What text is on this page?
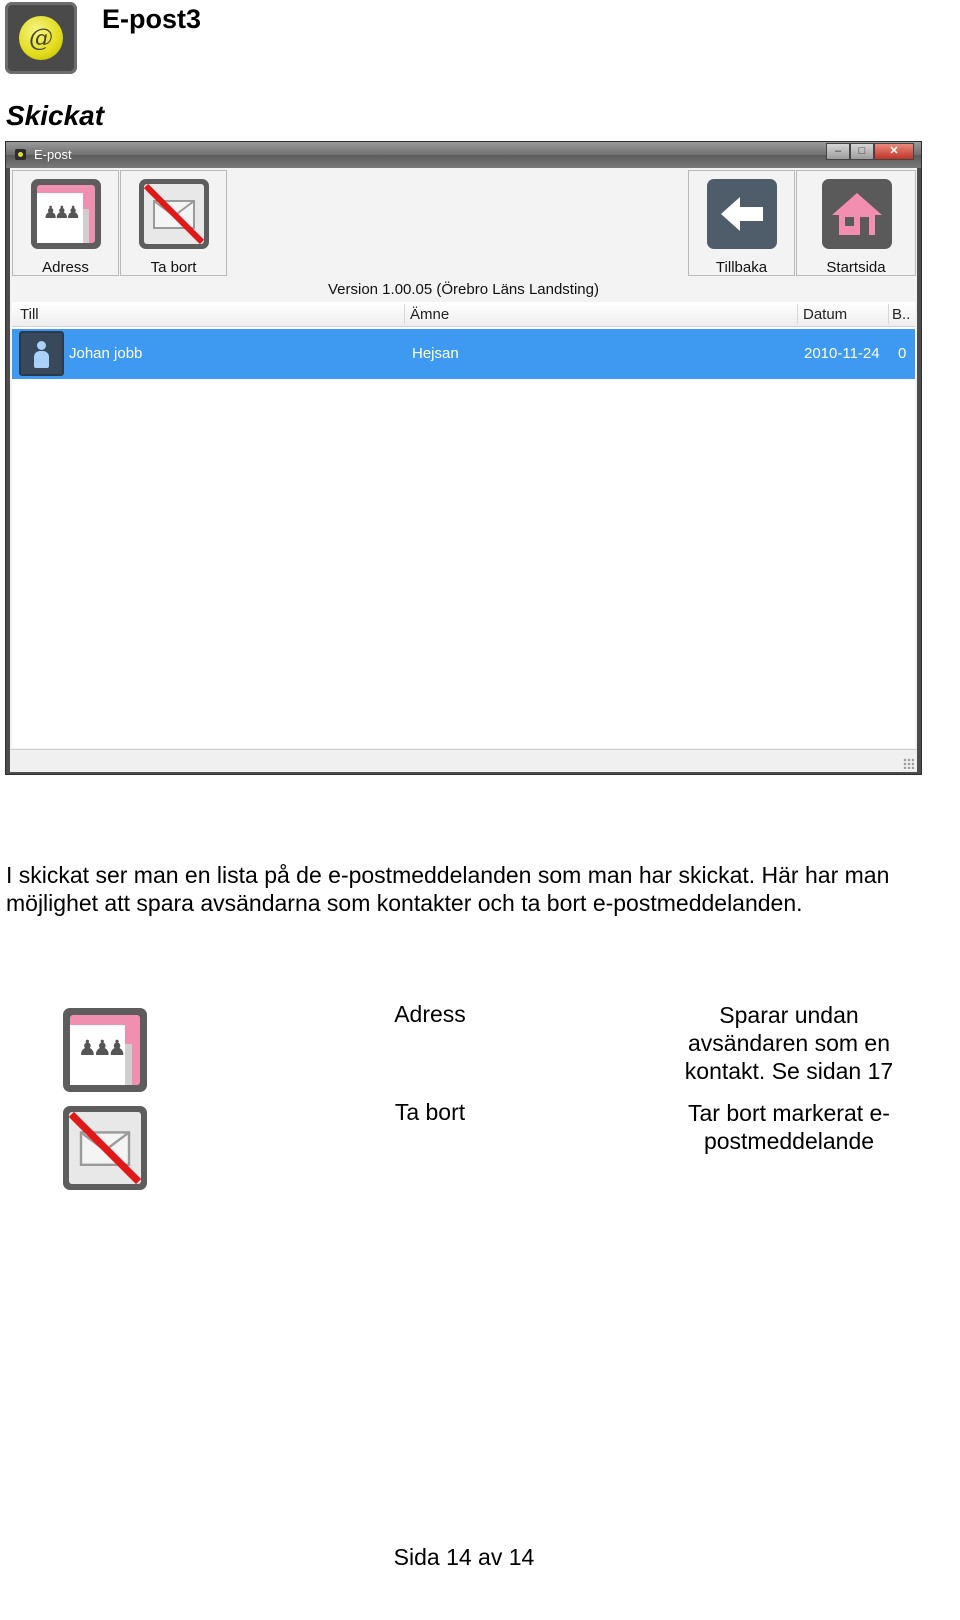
@
E-post3
Skickat
E-post	–	□	✕
♟♟♟
Adress	Ta bort	Tillbaka	Startsida
Version 1.00.05 (Örebro Läns Landsting)
Till	Ämne	Datum	B..
Johan jobb	Hejsan	2010-11-24 0
I skickat ser man en lista på de e-postmeddelanden som man har skickat. Här har man möjlighet att spara avsändarna som kontakter och ta bort e-postmeddelanden.
♟♟♟
Adress	Sparar undan
avsändaren som en
kontakt. Se sidan 17
Ta bort	Tar bort markerat e-
postmeddelande
Sida 14 av 14
